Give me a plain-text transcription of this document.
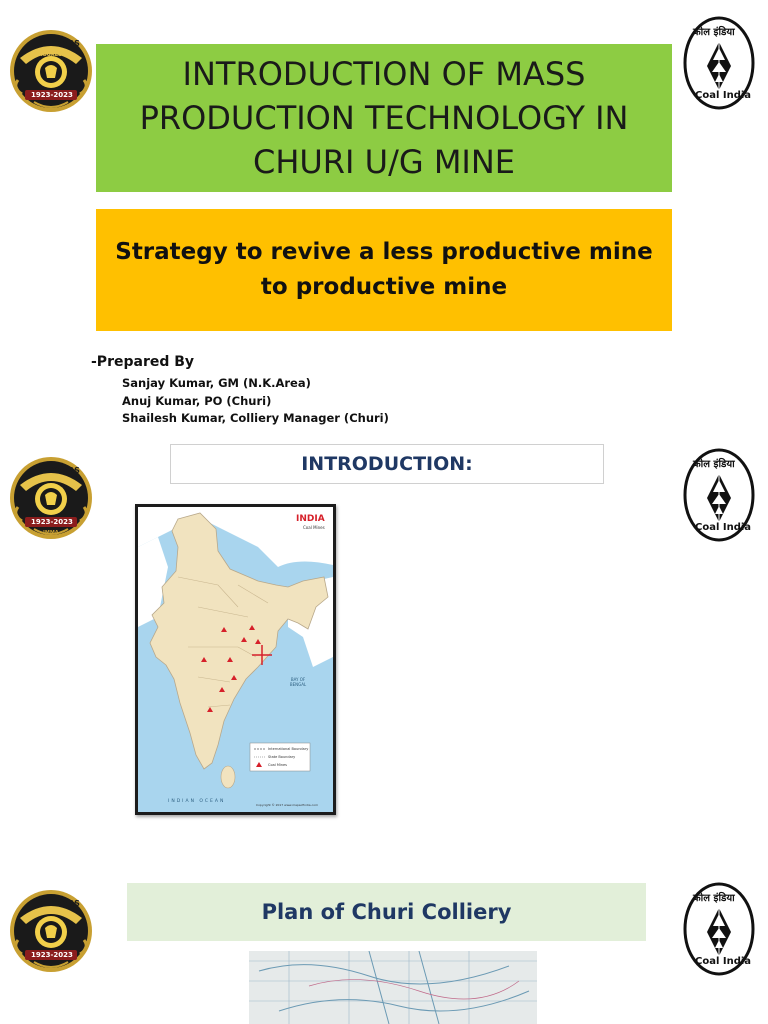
100 YEARS
PROGRESS
1923-2023
कोल इंडिया
Coal India
INTRODUCTION OF MASS PRODUCTION TECHNOLOGY IN CHURI U/G MINE
Strategy to revive a less productive mine to productive mine
-Prepared By
Sanjay Kumar, GM (N.K.Area)
Anuj Kumar, PO (Churi)
Shailesh Kumar, Colliery Manager (Churi)
100 YEARS
1923-2023
IMMA
कोल इंडिया
Coal India
INTRODUCTION:
INDIA
Coal Mines
BAY OF BENGAL
International Boundary
State Boundary
Coal Mines
INDIAN OCEAN
Copyright © 2017 www.mapsofindia.com
100 YEARS
1923-2023
कोल इंडिया
Coal India
Plan of Churi Colliery
